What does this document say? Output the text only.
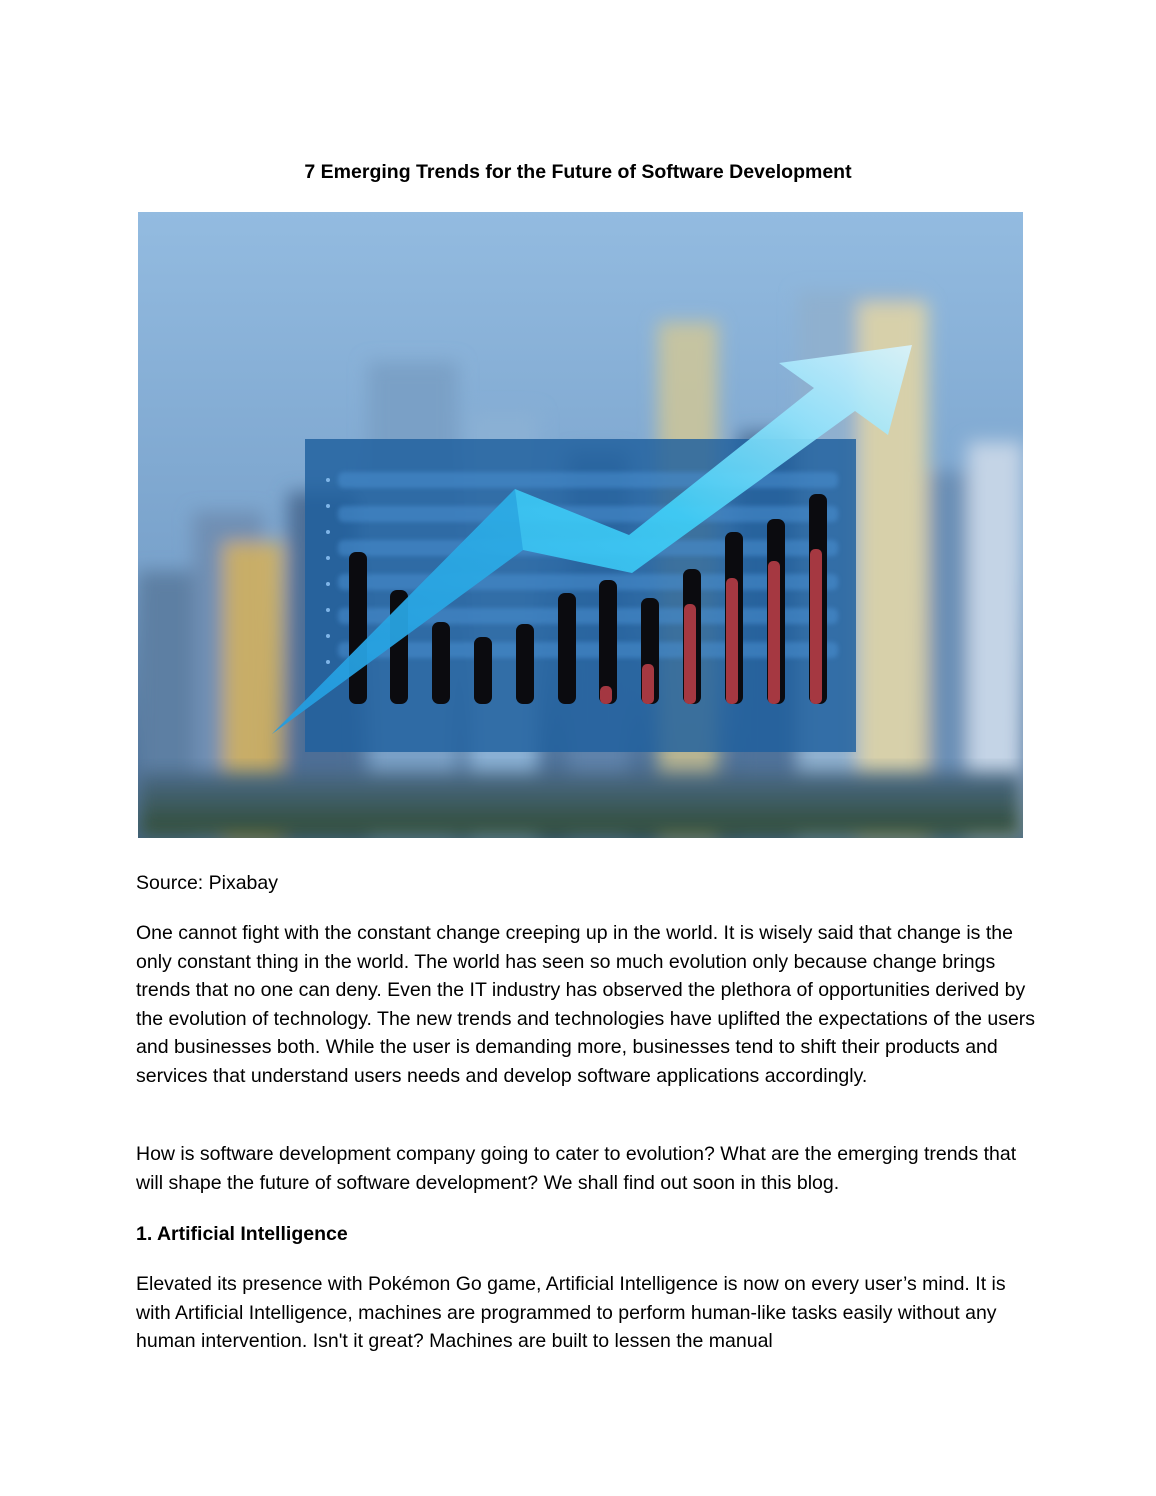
7 Emerging Trends for the Future of Software Development

Source: Pixabay

One cannot fight with the constant change creeping up in the world. It is wisely said that change is the only constant thing in the world. The world has seen so much evolution only because change brings trends that no one can deny. Even the IT industry has observed the plethora of opportunities derived by the evolution of technology. The new trends and technologies have uplifted the expectations of the users and businesses both. While the user is demanding more, businesses tend to shift their products and services that understand users needs and develop software applications accordingly.

How is software development company going to cater to evolution? What are the emerging trends that will shape the future of software development? We shall find out soon in this blog.

1. Artificial Intelligence

Elevated its presence with Pokémon Go game, Artificial Intelligence is now on every user’s mind. It is with Artificial Intelligence, machines are programmed to perform human-like tasks easily without any human intervention. Isn't it great? Machines are built to lessen the manual
